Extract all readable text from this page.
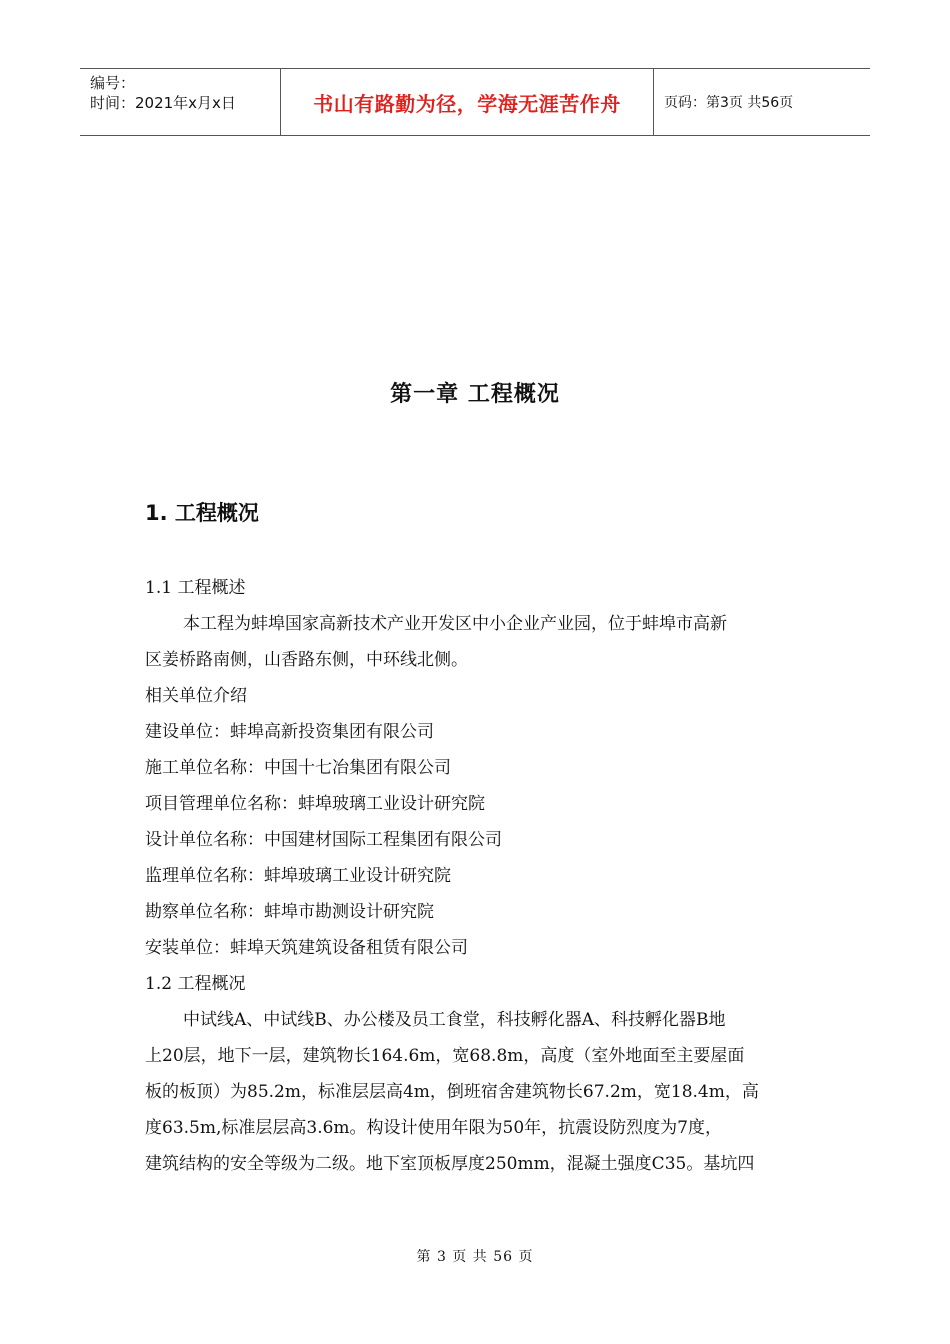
编号：
时间：2021年x月x日	书山有路勤为径，学海无涯苦作舟	页码：第3页 共56页
第一章 工程概况
1. 工程概况
1.1 工程概述
本工程为蚌埠国家高新技术产业开发区中小企业产业园，位于蚌埠市高新
区姜桥路南侧，山香路东侧，中环线北侧。
相关单位介绍
建设单位：蚌埠高新投资集团有限公司
施工单位名称：中国十七冶集团有限公司
项目管理单位名称：蚌埠玻璃工业设计研究院
设计单位名称：中国建材国际工程集团有限公司
监理单位名称：蚌埠玻璃工业设计研究院
勘察单位名称：蚌埠市勘测设计研究院
安装单位：蚌埠天筑建筑设备租赁有限公司
1.2 工程概况
中试线A、中试线B、办公楼及员工食堂，科技孵化器A、科技孵化器B地
上20层，地下一层，建筑物长164.6m，宽68.8m，高度（室外地面至主要屋面
板的板顶）为85.2m，标准层层高4m，倒班宿舍建筑物长67.2m，宽18.4m，高
度63.5m,标准层层高3.6m。构设计使用年限为50年，抗震设防烈度为7度，
建筑结构的安全等级为二级。地下室顶板厚度250mm，混凝土强度C35。基坑四
第 3 页 共 56 页
